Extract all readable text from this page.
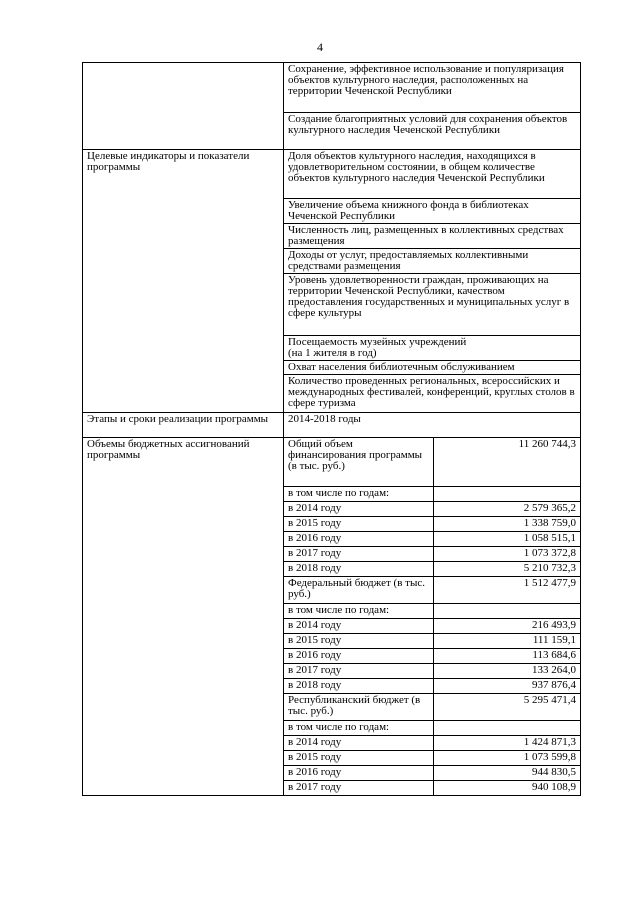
4
	Сохранение, эффективное использование и популяризация объектов культурного наследия, расположенных на территории Чеченской Республики	
	Создание благоприятных условий для сохранения объектов культурного наследия Чеченской Республики	
Целевые индикаторы и показатели программы	Доля объектов культурного наследия, находящихся в удовлетворительном состоянии, в общем количестве объектов культурного наследия Чеченской Республики	
	Увеличение объема книжного фонда в библиотеках Чеченской Республики	
	Численность лиц, размещенных в коллективных средствах размещения	
	Доходы от услуг, предоставляемых коллективными средствами размещения	
	Уровень удовлетворенности граждан, проживающих на территории Чеченской Республики, качеством предоставления государственных и муниципальных услуг в сфере культуры	
	Посещаемость музейных учреждений
(на 1 жителя в год)	
	Охват населения библиотечным обслуживанием	
	Количество проведенных региональных, всероссийских и международных фестивалей, конференций, круглых столов в сфере туризма	
Этапы и сроки реализации программы	2014-2018 годы	
Объемы бюджетных ассигнований программы	Общий объем финансирования программы (в тыс. руб.)	11 260 744,3
	в том числе по годам:	
	в 2014 году	2 579 365,2
	в 2015 году	1 338 759,0
	в 2016 году	1 058 515,1
	в 2017 году	1 073 372,8
	в 2018 году	5 210 732,3
	Федеральный бюджет (в тыс. руб.)	1 512 477,9
	в том числе по годам:	
	в 2014 году	216 493,9
	в 2015 году	111 159,1
	в 2016 году	113 684,6
	в 2017 году	133 264,0
	в 2018 году	937 876,4
	Республиканский бюджет (в тыс. руб.)	5 295 471,4
	в том числе по годам:	
	в 2014 году	1 424 871,3
	в 2015 году	1 073 599,8
	в 2016 году	944 830,5
	в 2017 году	940 108,9
